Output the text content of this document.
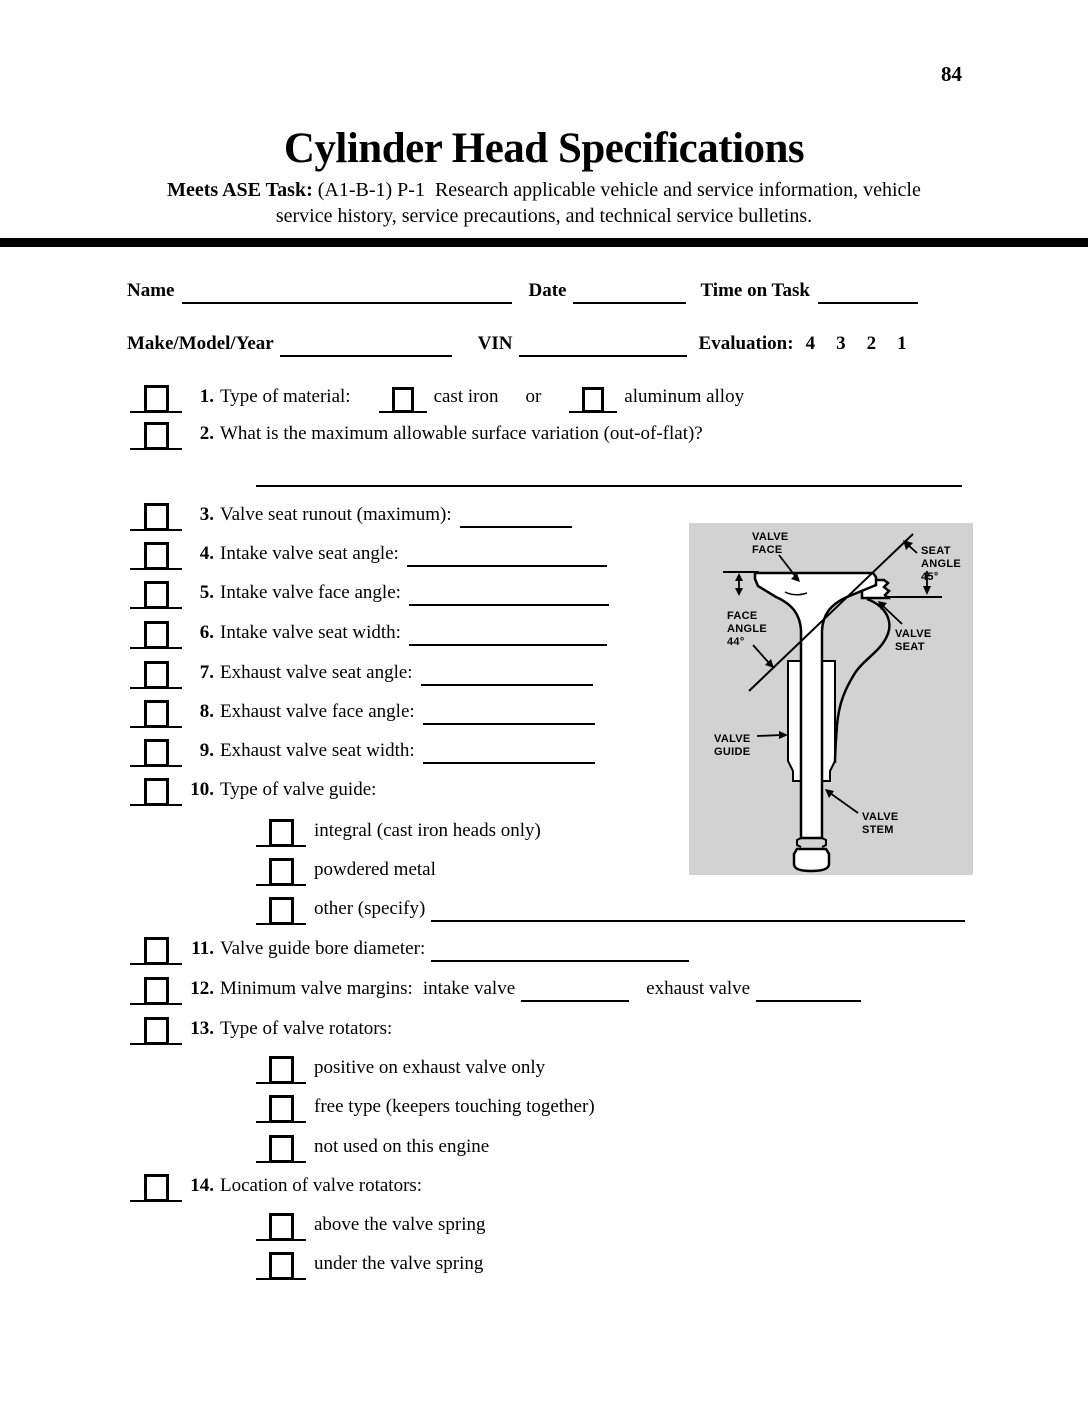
84
Cylinder Head Specifications
Meets ASE Task: (A1-B-1) P-1  Research applicable vehicle and service information, vehicle
service history, service precautions, and technical service bulletins.
Name	Date	Time on Task
Make/Model/Year	VIN	Evaluation: 4 3 2 1
1. Type of material:	cast iron or	aluminum alloy
2. What is the maximum allowable surface variation (out-of-flat)?
3. Valve seat runout (maximum):
4. Intake valve seat angle:
5. Intake valve face angle:
6. Intake valve seat width:
7. Exhaust valve seat angle:
8. Exhaust valve face angle:
9. Exhaust valve seat width:
10. Type of valve guide:
integral (cast iron heads only)
powdered metal
other (specify)
11. Valve guide bore diameter:
12. Minimum valve margins: intake valve	exhaust valve
13. Type of valve rotators:
positive on exhaust valve only
free type (keepers touching together)
not used on this engine
14. Location of valve rotators:
above the valve spring
under the valve spring
VALVE
FACE	SEAT
ANGLE
45°
FACE
ANGLE
44°
VALVE
SEAT
VALVE
GUIDE
VALVE
STEM
